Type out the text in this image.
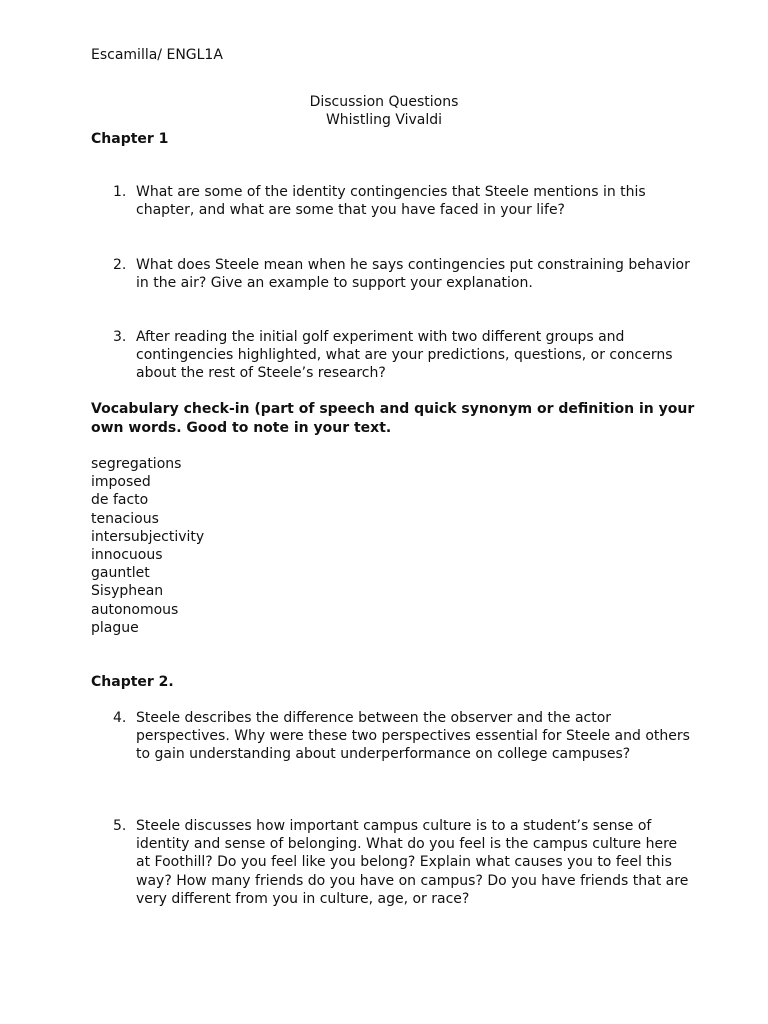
Escamilla/ ENGL1A
Discussion Questions
Whistling Vivaldi
Chapter 1
1. What are some of the identity contingencies that Steele mentions in this chapter, and what are some that you have faced in your life?
2. What does Steele mean when he says contingencies put constraining behavior in the air? Give an example to support your explanation.
3. After reading the initial golf experiment with two different groups and contingencies highlighted, what are your predictions, questions, or concerns about the rest of Steele’s research?
Vocabulary check-in (part of speech and quick synonym or definition in your own words. Good to note in your text.
segregations
imposed
de facto
tenacious
intersubjectivity
innocuous
gauntlet
Sisyphean
autonomous
plague
Chapter 2.
4. Steele describes the difference between the observer and the actor perspectives. Why were these two perspectives essential for Steele and others to gain understanding about underperformance on college campuses?
5. Steele discusses how important campus culture is to a student’s sense of identity and sense of belonging. What do you feel is the campus culture here at Foothill? Do you feel like you belong? Explain what causes you to feel this way? How many friends do you have on campus? Do you have friends that are very different from you in culture, age, or race?
